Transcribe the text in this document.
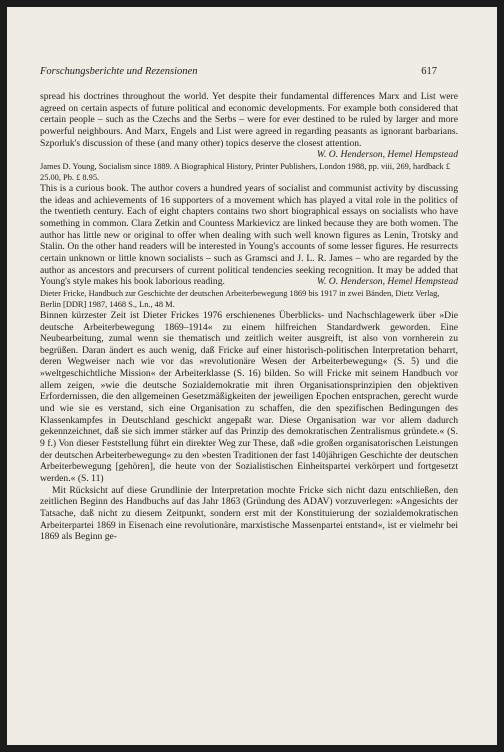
Forschungsberichte und Rezensionen	617

spread his doctrines throughout the world. Yet despite their fundamental differences Marx and List were agreed on certain aspects of future political and economic developments. For example both considered that certain people – such as the Czechs and the Serbs – were for ever destined to be ruled by larger and more powerful neighbours. And Marx, Engels and List were agreed in regarding peasants as ignorant barbarians. Szporluk's discussion of these (and many other) topics deserve the closest attention.

W. O. Henderson, Hemel Hempstead

James D. Young, Socialism since 1889. A Biographical History, Printer Publishers, London 1988, pp. viii, 269, hardback £ 25.00, Pb. £ 8.95.

This is a curious book. The author covers a hundred years of socialist and communist activity by discussing the ideas and achievements of 16 supporters of a movement which has played a vital role in the politics of the twentieth century. Each of eight chapters contains two short biographical essays on socialists who have something in common. Clara Zetkin and Countess Markievicz are linked because they are both women. The author has little new or original to offer when dealing with such well known figures as Lenin, Trotsky and Stalin. On the other hand readers will be interested in Young's accounts of some lesser figures. He resurrects certain unknown or little known socialists – such as Gramsci and J. L. R. James – who are regarded by the author as ancestors and precursers of current political tendencies seeking recognition. It may be added that Young's style makes his book laborious reading.	W. O. Henderson, Hemel Hempstead

Dieter Fricke, Handbuch zur Geschichte der deutschen Arbeiterbewegung 1869 bis 1917 in zwei Bänden, Dietz Verlag, Berlin [DDR] 1987, 1468 S., Ln., 48 M.

Binnen kürzester Zeit ist Dieter Frickes 1976 erschienenes Überblicks- und Nachschlagewerk über »Die deutsche Arbeiterbewegung 1869–1914« zu einem hilfreichen Standardwerk geworden. Eine Neubearbeitung, zumal wenn sie thematisch und zeitlich weiter ausgreift, ist also von vornherein zu begrüßen. Daran ändert es auch wenig, daß Fricke auf einer historisch-politischen Interpretation beharrt, deren Wegweiser nach wie vor das »revolutionäre Wesen der Arbeiterbewegung« (S. 5) und die »weltgeschichtliche Mission« der Arbeiterklasse (S. 16) bilden. So will Fricke mit seinem Handbuch vor allem zeigen, »wie die deutsche Sozialdemokratie mit ihren Organisationsprinzipien den objektiven Erfordernissen, die den allgemeinen Gesetzmäßigkeiten der jeweiligen Epochen entsprachen, gerecht wurde und wie sie es verstand, sich eine Organisation zu schaffen, die den spezifischen Bedingungen des Klassenkampfes in Deutschland geschickt angepaßt war. Diese Organisation war vor allem dadurch gekennzeichnet, daß sie sich immer stärker auf das Prinzip des demokratischen Zentralismus gründete.« (S. 9 f.) Von dieser Feststellung führt ein direkter Weg zur These, daß »die großen organisatorischen Leistungen der deutschen Arbeiterbewegung« zu den »besten Traditionen der fast 140jährigen Geschichte der deutschen Arbeiterbewegung [gehören], die heute von der Sozialistischen Einheitspartei verkörpert und fortgesetzt werden.« (S. 11)

Mit Rücksicht auf diese Grundlinie der Interpretation mochte Fricke sich nicht dazu entschließen, den zeitlichen Beginn des Handbuchs auf das Jahr 1863 (Gründung des ADAV) vorzuverlegen: »Angesichts der Tatsache, daß nicht zu diesem Zeitpunkt, sondern erst mit der Konstituierung der sozialdemokratischen Arbeiterpartei 1869 in Eisenach eine revolutionäre, marxistische Massenpartei entstand«, ist er vielmehr bei 1869 als Beginn ge-
